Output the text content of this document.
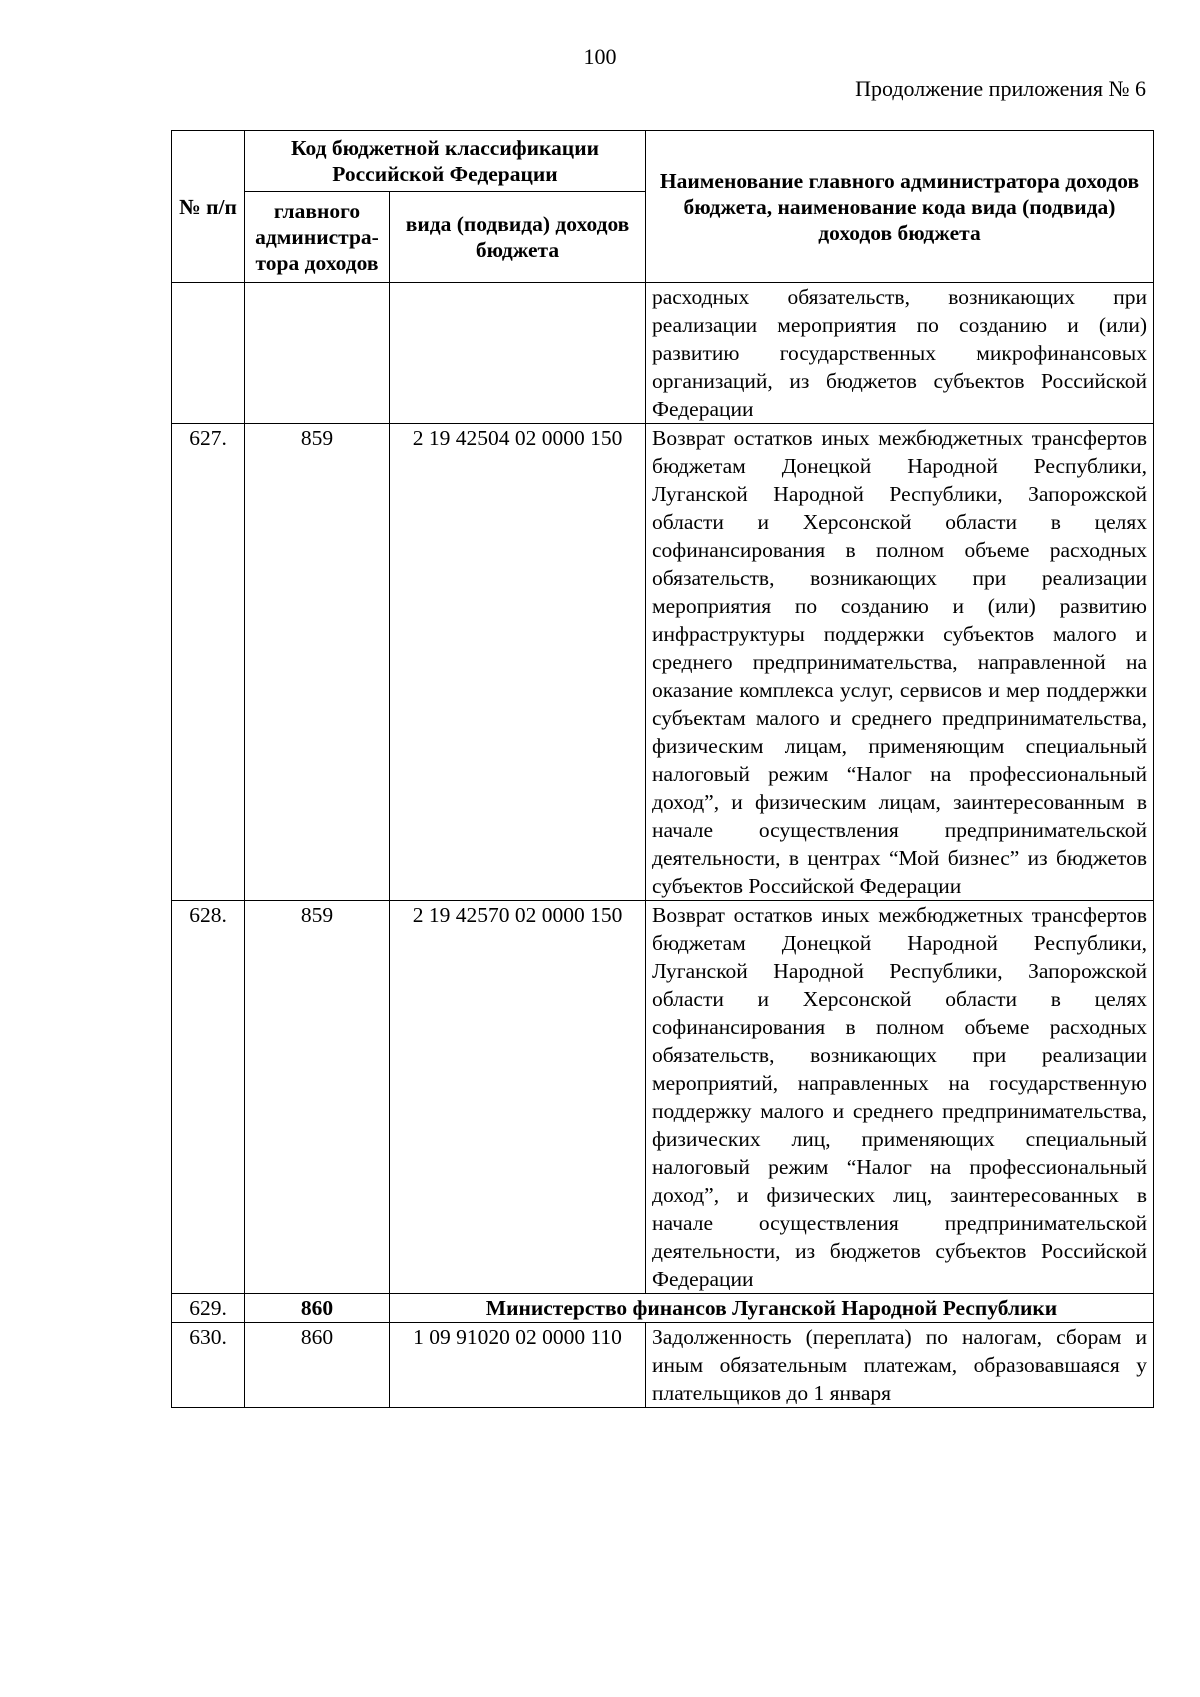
100
Продолжение приложения № 6
№ п/п	Код бюджетной классификации Российской Федерации		Наименование главного администратора доходов бюджета, наименование кода вида (подвида) доходов бюджета
	главного администра-тора доходов	вида (подвида) доходов бюджета	
			расходных обязательств, возникающих при реализации мероприятия по созданию и (или) развитию государственных микрофинансовых организаций, из бюджетов субъектов Российской Федерации
627.	859	2 19 42504 02 0000 150	Возврат остатков иных межбюджетных трансфертов бюджетам Донецкой Народной Республики, Луганской Народной Республики, Запорожской области и Херсонской области в целях софинансирования в полном объеме расходных обязательств, возникающих при реализации мероприятия по созданию и (или) развитию инфраструктуры поддержки субъектов малого и среднего предпринимательства, направленной на оказание комплекса услуг, сервисов и мер поддержки субъектам малого и среднего предпринимательства, физическим лицам, применяющим специальный налоговый режим “Налог на профессиональный доход”, и физическим лицам, заинтересованным в начале осуществления предпринимательской деятельности, в центрах “Мой бизнес” из бюджетов субъектов Российской Федерации
628.	859	2 19 42570 02 0000 150	Возврат остатков иных межбюджетных трансфертов бюджетам Донецкой Народной Республики, Луганской Народной Республики, Запорожской области и Херсонской области в целях софинансирования в полном объеме расходных обязательств, возникающих при реализации мероприятий, направленных на государственную поддержку малого и среднего предпринимательства, физических лиц, применяющих специальный налоговый режим “Налог на профессиональный доход”, и физических лиц, заинтересованных в начале осуществления предпринимательской деятельности, из бюджетов субъектов Российской Федерации
629.	860	Министерство финансов Луганской Народной Республики	
630.	860	1 09 91020 02 0000 110	Задолженность (переплата) по налогам, сборам и иным обязательным платежам, образовавшаяся у плательщиков до 1 января
